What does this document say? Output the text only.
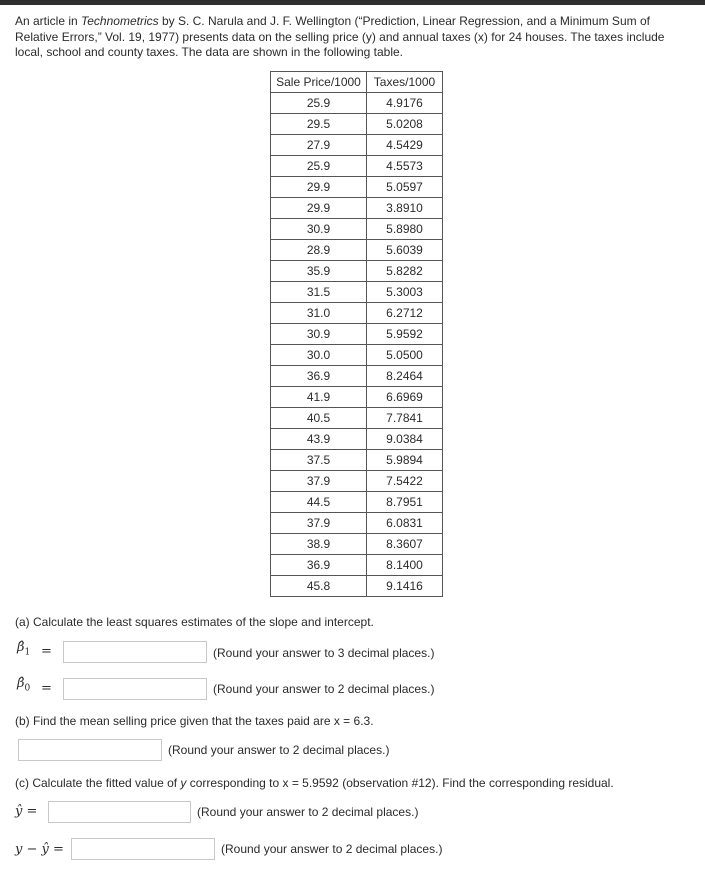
An article in Technometrics by S. C. Narula and J. F. Wellington (“Prediction, Linear Regression, and a Minimum Sum of Relative Errors,” Vol. 19, 1977) presents data on the selling price (y) and annual taxes (x) for 24 houses. The taxes include local, school and county taxes. The data are shown in the following table.
Sale Price/1000	Taxes/1000
25.9	4.9176
29.5	5.0208
27.9	4.5429
25.9	4.5573
29.9	5.0597
29.9	3.8910
30.9	5.8980
28.9	5.6039
35.9	5.8282
31.5	5.3003
31.0	6.2712
30.9	5.9592
30.0	5.0500
36.9	8.2464
41.9	6.6969
40.5	7.7841
43.9	9.0384
37.5	5.9894
37.9	7.5422
44.5	8.7951
37.9	6.0831
38.9	8.3607
36.9	8.1400
45.8	9.1416
(a) Calculate the least squares estimates of the slope and intercept.
$\betâ_1$ =	(Round your answer to 3 decimal places.)
$\betâ_0$ =	(Round your answer to 2 decimal places.)
(b) Find the mean selling price given that the taxes paid are x = 6.3.
(Round your answer to 2 decimal places.)
(c) Calculate the fitted value of y corresponding to x = 5.9592 (observation #12). Find the corresponding residual.
ŷ =	(Round your answer to 2 decimal places.)
y − ŷ =	(Round your answer to 2 decimal places.)
